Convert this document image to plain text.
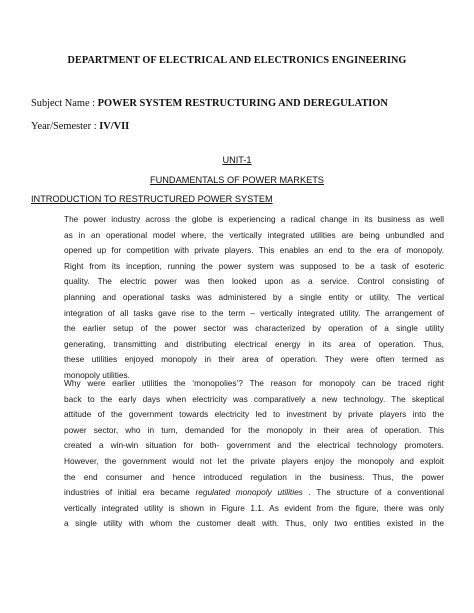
DEPARTMENT OF ELECTRICAL AND ELECTRONICS ENGINEERING
Subject Name : POWER SYSTEM RESTRUCTURING AND DEREGULATION
Year/Semester : IV/VII
UNIT-1
FUNDAMENTALS OF POWER MARKETS
INTRODUCTION TO RESTRUCTURED POWER SYSTEM
The power industry across the globe is experiencing a radical change in its business as well
as in an operational model where, the vertically integrated utilities are being unbundled and
opened up for competition with private players. This enables an end to the era of monopoly.
Right from its inception, running the power system was supposed to be a task of esoteric
quality. The electric power was then looked upon as a service. Control consisting of
planning and operational tasks was administered by a single entity or utility. The vertical
integration of all tasks gave rise to the term – vertically integrated utility. The arrangement of
the earlier setup of the power sector was characterized by operation of a single utility
generating, transmitting and distributing electrical energy in its area of operation. Thus,
these utilities enjoyed monopoly in their area of operation. They were often termed as
monopoly utilities.
Why were earlier utilities the ‘monopolies’? The reason for monopoly can be traced right
back to the early days when electricity was comparatively a new technology. The skeptical
attitude of the government towards electricity led to investment by private players into the
power sector, who in turn, demanded for the monopoly in their area of operation. This
created a win-win situation for both- government and the electrical technology promoters.
However, the government would not let the private players enjoy the monopoly and exploit
the end consumer and hence introduced regulation in the business. Thus, the power
industries of initial era became regulated monopoly utilities . The structure of a conventional
vertically integrated utility is shown in Figure 1.1. As evident from the figure, there was only
a single utility with whom the customer dealt with. Thus, only two entities existed in the
